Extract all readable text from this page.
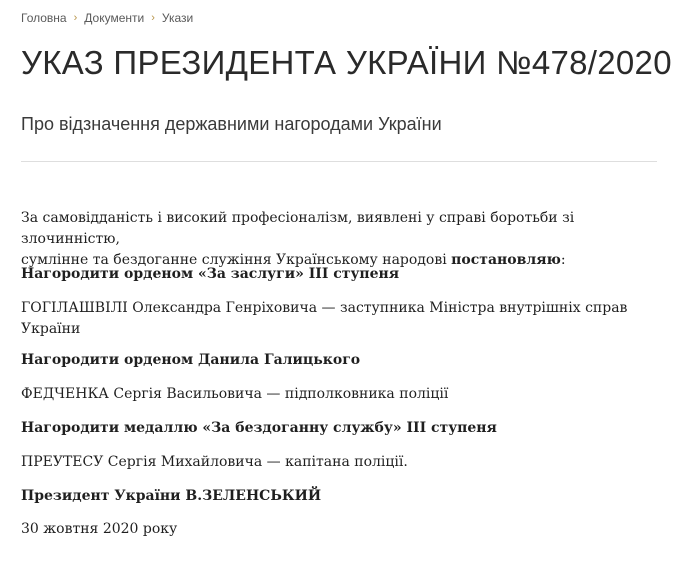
Головна › Документи › Укази
УКАЗ ПРЕЗИДЕНТА УКРАЇНИ №478/2020
Про відзначення державними нагородами України

За самовідданість і високий професіоналізм, виявлені у справі боротьби зі злочинністю,

сумлінне та бездоганне служіння Українському народові постановляю:

Нагородити орденом «За заслуги» III ступеня

ГОГІЛАШВІЛІ Олександра Генріховича — заступника Міністра внутрішніх справ

України

Нагородити орденом Данила Галицького

ФЕДЧЕНКА Сергія Васильовича — підполковника поліції

Нагородити медаллю «За бездоганну службу» III ступеня

ПРЕУТЕСУ Сергія Михайловича — капітана поліції.

Президент України В.ЗЕЛЕНСЬКИЙ

30 жовтня 2020 року
